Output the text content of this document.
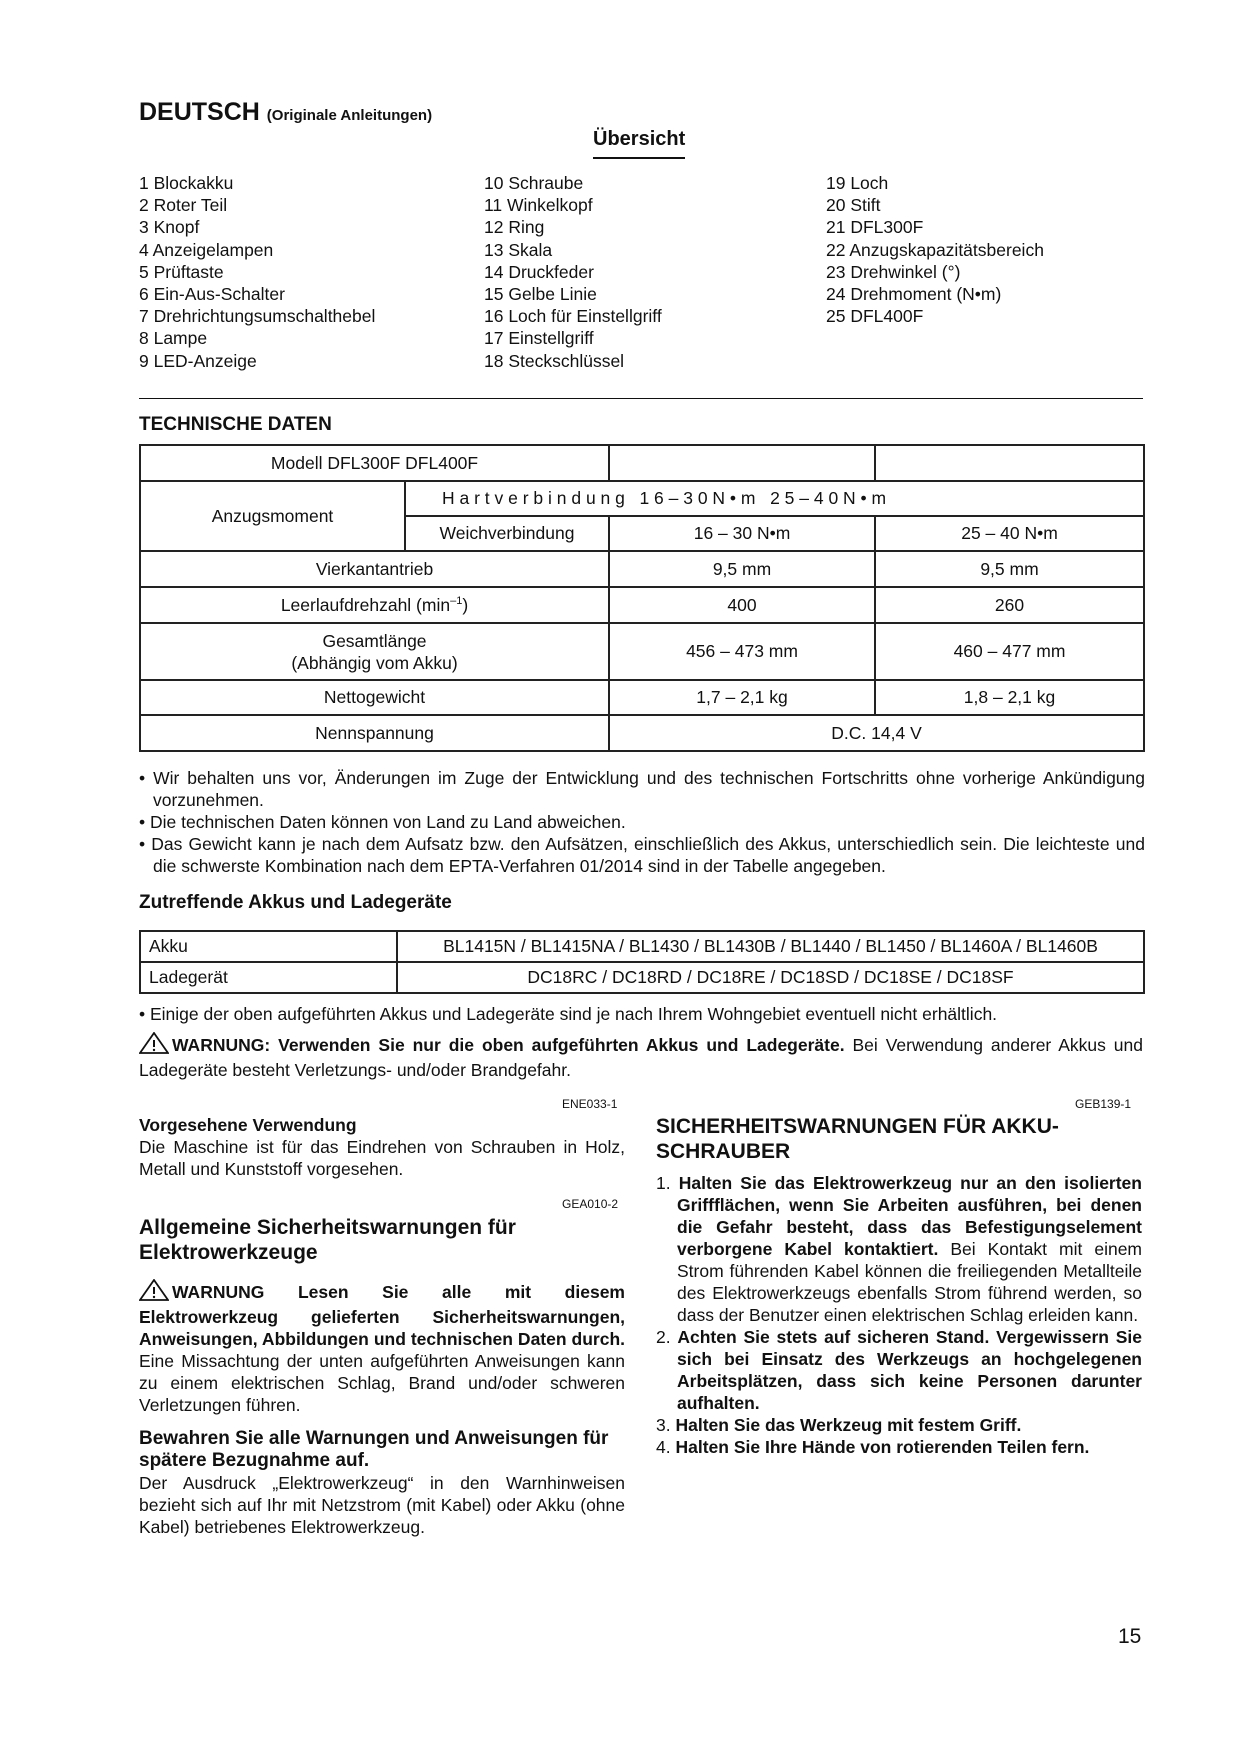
DEUTSCH (Originale Anleitungen)
Übersicht
1 Blockakku
2 Roter Teil
3 Knopf
4 Anzeigelampen
5 Prüftaste
6 Ein-Aus-Schalter
7 Drehrichtungsumschalthebel
8 Lampe
9 LED-Anzeige
10 Schraube
11 Winkelkopf
12 Ring
13 Skala
14 Druckfeder
15 Gelbe Linie
16 Loch für Einstellgriff
17 Einstellgriff
18 Steckschlüssel
19 Loch
20 Stift
21 DFL300F
22 Anzugskapazitätsbereich
23 Drehwinkel (°)
24 Drehmoment (N•m)
25 DFL400F
TECHNISCHE DATEN
Modell DFL300F DFL400F			
Anzugsmoment	H a r t v e r b i n d u n g   1 6 – 3 0 N • m   2 5 – 4 0 N • m		
	Weichverbindung	16 – 30 N•m	25 – 40 N•m
Vierkantantrieb		9,5 mm	9,5 mm
Leerlaufdrehzahl $(\min^{-1})$		400	260

Gesamtlänge
(Abhängig vom Akku)		456 – 473 mm	460 – 477 mm
Nettogewicht		1,7 – 2,1 kg	1,8 – 2,1 kg
Nennspannung		D.C. 14,4 V	
• Wir behalten uns vor, Änderungen im Zuge der Entwicklung und des technischen Fortschritts ohne vorherige Ankündigung vorzunehmen.
• Die technischen Daten können von Land zu Land abweichen.
• Das Gewicht kann je nach dem Aufsatz bzw. den Aufsätzen, einschließlich des Akkus, unterschiedlich sein. Die leichteste und die schwerste Kombination nach dem EPTA-Verfahren 01/2014 sind in der Tabelle angegeben.
Zutreffende Akkus und Ladegeräte
Akku	BL1415N / BL1415NA / BL1430 / BL1430B / BL1440 / BL1450 / BL1460A / BL1460B
Ladegerät	DC18RC / DC18RD / DC18RE / DC18SD / DC18SE / DC18SF
• Einige der oben aufgeführten Akkus und Ladegeräte sind je nach Ihrem Wohngebiet eventuell nicht erhältlich.
WARNUNG: Verwenden Sie nur die oben aufgeführten Akkus und Ladegeräte. Bei Verwendung anderer Akkus und Ladegeräte besteht Verletzungs- und/oder Brandgefahr.
ENE033-1
Vorgesehene Verwendung
Die Maschine ist für das Eindrehen von Schrauben in Holz, Metall und Kunststoff vorgesehen.
GEA010-2
Allgemeine Sicherheitswarnungen für Elektrowerkzeuge
WARNUNG Lesen Sie alle mit diesem Elektrowerkzeug gelieferten Sicherheitswarnungen, Anweisungen, Abbildungen und technischen Daten durch. Eine Missachtung der unten aufgeführten Anweisungen kann zu einem elektrischen Schlag, Brand und/oder schweren Verletzungen führen.
Bewahren Sie alle Warnungen und Anweisungen für spätere Bezugnahme auf.
Der Ausdruck „Elektrowerkzeug“ in den Warnhinweisen bezieht sich auf Ihr mit Netzstrom (mit Kabel) oder Akku (ohne Kabel) betriebenes Elektrowerkzeug.
GEB139-1
SICHERHEITSWARNUNGEN FÜR AKKU-SCHRAUBER
1. Halten Sie das Elektrowerkzeug nur an den isolierten Griffflächen, wenn Sie Arbeiten ausführen, bei denen die Gefahr besteht, dass das Befestigungselement verborgene Kabel kontaktiert. Bei Kontakt mit einem Strom führenden Kabel können die freiliegenden Metallteile des Elektrowerkzeugs ebenfalls Strom führend werden, so dass der Benutzer einen elektrischen Schlag erleiden kann.
2. Achten Sie stets auf sicheren Stand. Vergewissern Sie sich bei Einsatz des Werkzeugs an hochgelegenen Arbeitsplätzen, dass sich keine Personen darunter aufhalten.
3. Halten Sie das Werkzeug mit festem Griff.
4. Halten Sie Ihre Hände von rotierenden Teilen fern.
15
